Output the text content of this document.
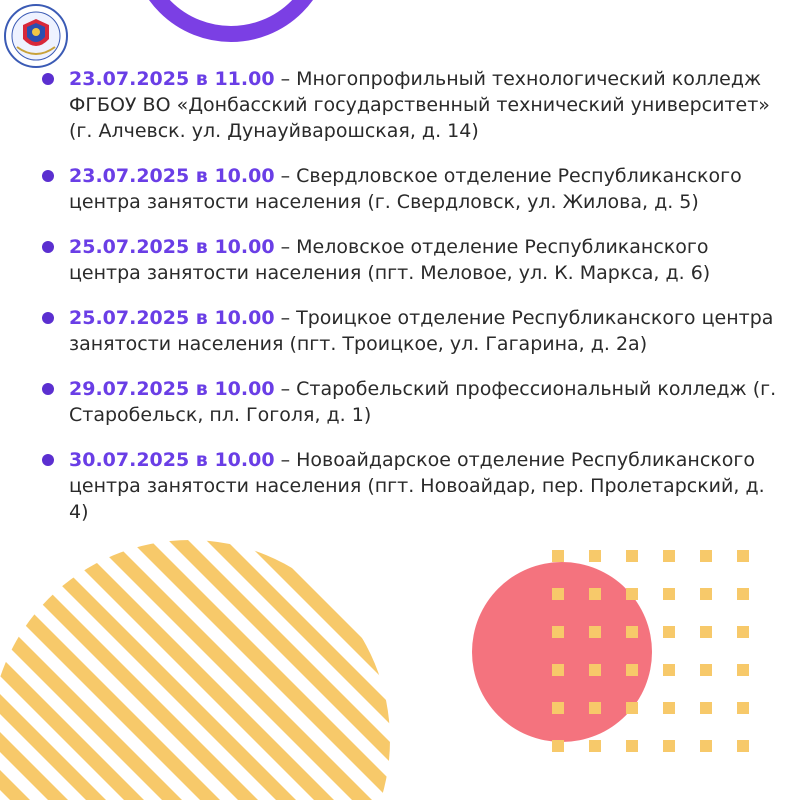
23.07.2025 в 11.00 – Многопрофильный технологический колледж ФГБОУ ВО «Донбасский государственный технический университет» (г. Алчевск. ул. Дунауйварошская, д. 14)
23.07.2025 в 10.00 – Свердловское отделение Республиканского центра занятости населения (г. Свердловск, ул. Жилова, д. 5)
25.07.2025 в 10.00 – Меловское отделение Республиканского центра занятости населения (пгт. Меловое, ул. К. Маркса, д. 6)
25.07.2025 в 10.00 – Троицкое отделение Республиканского центра занятости населения (пгт. Троицкое, ул. Гагарина, д. 2а)
29.07.2025 в 10.00 – Старобельский профессиональный колледж (г. Старобельск, пл. Гоголя, д. 1)
30.07.2025 в 10.00 – Новоайдарское отделение Республиканского центра занятости населения (пгт. Новоайдар, пер. Пролетарский, д. 4)
